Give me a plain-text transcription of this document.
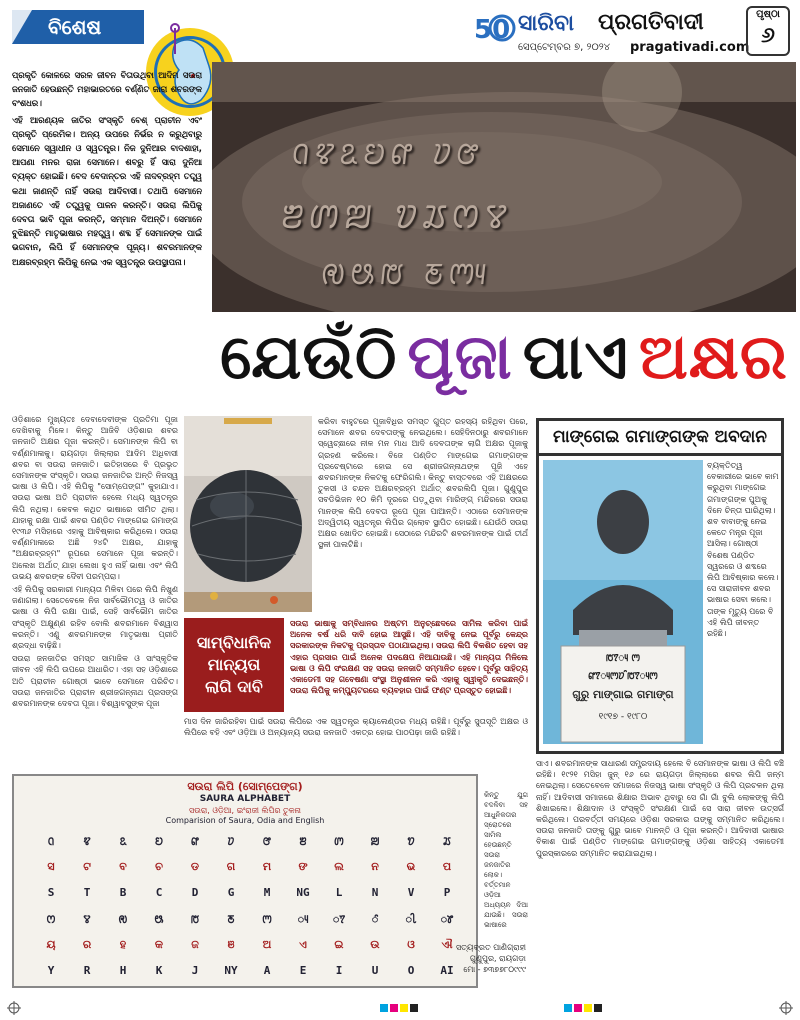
ବିଶେଷ	50 ସାରିବା ପ୍ରଗତିବାଦୀ
ସେପ୍ଟେମ୍ବର ୭, ୨୦୨୪ pragativadi.com
ପୃଷ୍ଠା
୬

ପ୍ରକୃତି କୋଳରେ ସରଳ ଜୀବନ ବିତାଉଥିବା ଆଦିମ ସଉରା ଜନଜାତି ହେଉଛନ୍ତି ମହାଭାରତରେ ବର୍ଣ୍ଣିତ ଜାରା ଶବରଙ୍କ ବଂଶଧର।

ଏହି ଆରଣ୍ୟକ ଜାତିର ସଂସ୍କୃତି ବେଶ୍ ପ୍ରାଚୀନ ଏବଂ ପ୍ରକୃତି ପ୍ରେମିକ। ଅନ୍ୟ ଉପରେ ନିର୍ଭର ନ କରୁଥିବାରୁ ସେମାନେ ସ୍ୱାଧୀନ ଓ ସ୍ୱତନ୍ତ୍ର। ନିଜ ଦୁନିଆର ବାଦଶାହା, ଆପଣା ମନର ରାଜା ସେମାନେ। ଶବରୁ ହିଁ ସାରା ଦୁନିଆ ବ୍ୟକ୍ତ ହୋଇଛି। ବେଦ ବେଦାନ୍ତର ଏହି ନାଦବ୍ରହ୍ମ ତତ୍ତ୍ୱ କଥା ଜାଣନ୍ତି ନାହିଁ ସଉରା ଆଦିବାସୀ। ତଥାପି ସେମାନେ ଅଜାଣତେ ଏହି ତତ୍ତ୍ୱକୁ ପାଳନ କରନ୍ତି। ସଉରା ଲିପିକୁ ଦେବତା ଭାବି ପୂଜା କରନ୍ତି, ସମ୍ମାନ ଦିଅନ୍ତି। ସେମାନେ ବୁଝିଛନ୍ତି ମାତୃଭାଷାର ମହତ୍ତ୍ୱ। ଶବ୍ଦ ହିଁ ସେମାନଙ୍କ ପାଇଁ ଭଗବାନ, ଲିପି ହିଁ ସେମାନଙ୍କ ପୂଜ୍ୟ। ଶବରମାନଙ୍କ ଅକ୍ଷରବ୍ରହ୍ମ ଲିପିକୁ ନେଇ ଏକ ସ୍ୱତନ୍ତ୍ର ଉପସ୍ଥାପନା।

ꢡꢢꢣꢤꢥ ꢦꢧ
ꢨꢩꢪ ꢫꢬꢭꢮ
ꢯꢰꢱ ꢲꢳꢴ
ଯେଉଁଠି ପୂଜା ପାଏ ଅକ୍ଷର

ଓଡ଼ିଶାରେ ମୁଖ୍ୟତଃ ଦେବାଦେବୀଙ୍କ ପ୍ରତିମା ପୂଜା ଦେଖିବାକୁ ମିଳେ। କିନ୍ତୁ ଆଜିବି ଓଡ଼ିଶାର ଶବର ଜନଜାତି ଅକ୍ଷର ପୂଜା କରନ୍ତି। ସେମାନଙ୍କ ଲିପି ବା ବର୍ଣ୍ଣମାଳାକୁ। ରାୟଗଡ଼ା ଜିଲ୍ଲାର ଆଦିମ ଅଧିବାସୀ ଶବର ବା ସଉରା ଜନଜାତି। ଇତିହାସରେ ବି ପ୍ରଭୃତ ସେମାନଙ୍କ ସଂସ୍କୃତି। ସଉରା ଜନଜାତିର ଅନ୍ତି ନିଜସ୍ୱ ଭାଷା ଓ ଲିପି। ଏହି ଲିପିକୁ "ସୋମ୍ପେଙ୍ଗ" କୁହାଯାଏ। ସଉରା ଭାଷା ଅତି ପ୍ରାଚୀନ ହେଲେ ମଧ୍ୟ ସ୍ୱତନ୍ତ୍ର ଲିପି ନଥିଲା। କେବଳ କଥିତ ଭାଷାରେ ସୀମିତ ଥିଲା। ଯାହାକୁ ରକ୍ଷା ପାଇଁ ଶବର ପଣ୍ଡିତ ମାଙ୍ଗେଇ ଗମାଙ୍ଗ ୧୯୩୬ ମସିହାରେ ଏହାକୁ ଆବିଷ୍କାର କରିଥିଲେ। ସଉରା ବର୍ଣ୍ଣମାଳାରେ ଅଛି ୨୪ଟି ଅକ୍ଷର, ଯାହାକୁ "ଅକ୍ଷରବ୍ରହ୍ମ" ରୂପରେ ସେମାନେ ପୂଜା କରନ୍ତି। ଅଲେଖ ଅର୍ଥାତ୍ ଯାହା ଲେଖା ହୁଏ ନାହିଁ ଭାଷା ଏବଂ ଲିପି ଉଭୟ ଶବରଙ୍କ ଦୈବୀ ପରମ୍ପରା।

ଏହି ଲିପିକୁ ସରକାରୀ ମାନ୍ୟତା ମିଳିବା ପରେ ଲିପି ନିଖୁଣ ଜଣାଗଲା। ସେତେବେଳେ ନିଜ ସାର୍ବଭୌମତ୍ୱ ଓ ଜାତିର ଭାଷା ଓ ଲିପି ରକ୍ଷା ପାଇଁ, ସେହି ସାର୍ବଭୌମ ଜାତିର ସଂସ୍କୃତି ଅକ୍ଷୁଣ୍ଣ ରହିବ ବୋଲି ଶବରମାନେ ବିଶ୍ୱାସ କରନ୍ତି। ଏଣୁ ଶବରମାନଙ୍କ ମାତୃଭାଷା ପ୍ରୀତି ଶ୍ରଦ୍ଧା ବାଢ଼ିଛି।

ସଉରା ଜନଜାତିର ସମସ୍ତ ସାମାଜିକ ଓ ସାଂସ୍କୃତିକ ଜୀବନ ଏହି ଲିପି ଉପରେ ଆଧାରିତ। ଏହା ସହ ଓଡ଼ିଶାରେ ଅତି ପ୍ରାଚୀନ ଗୋଷ୍ଠୀ ଭାବେ ସେମାନେ ପରିଚିତ। ସଉରା ଜନଜାତିର ପ୍ରାଚୀନ ଶ୍ରୀଜଗନ୍ନାଥ ପ୍ରସଙ୍ଗ ଶବରମାନଙ୍କ ଦେବତା ପୂଜା। ବିଶ୍ୱାବସୁଙ୍କ ପୂଜା

କରିବା ବାହୁଟରେ ପୂଜାବିଧିର ସମସ୍ତ ଗୁପ୍ତ ରହସ୍ୟ ରହିଥିବା ପରେ, ସେମାନେ ଶବର ଦେବତାଙ୍କୁ ନେଇଥିଲେ। ସେହିଦିନଠାରୁ ଶବରମାନେ ସ୍ୱେଚ୍ଛାରେ ନୀଳ ମନ ମାଧ ଆଦି ଦେବତାଙ୍କ ଲାଗି ଅକ୍ଷର ପୂଜାକୁ ଗ୍ରହଣ କରିଲେ। ବିଜେ ପଣ୍ଡିତ ମାଙ୍ଗେଇ ଗମାଙ୍ଗଙ୍କ ପ୍ରଚେଷ୍ଟାରେ ହୋଇ ସେ ଶ୍ରୀଜଗନ୍ନାଥଙ୍କ ପୂଜି ଏହେ ଶବରମାନଙ୍କ ନିକଟକୁ ଫେରିଗଲି। କିନ୍ତୁ ବାସ୍ତବରେ ଏହି ଅକ୍ଷରରେ ତୁଳସୀ ଓ ଚନ୍ଦନ ଅକ୍ଷରବ୍ରହ୍ମ ଅର୍ଥାତ୍ ଶବରଲିପି ପୂଜା। ଗୁଣୁପୁର ସବଡିଭିଜନ ୧୦ କିମି ଦୂରରେ ପଡ଼ୁଥିବା ମାରିଙ୍ଗ୍ ମନ୍ଦିରରେ ସଉରା ମାନଙ୍କ ଲିପି ଦେବତା ରୂପେ ପୂଜା ପାଆନ୍ତି। ଏଠାରେ ସେମାନଙ୍କ ଅଦ୍ୱିତୀୟ ସ୍ୱତନ୍ତ୍ର ଲିପିର ଗ୍ଲୋବ ସ୍ଥାପିତ ହୋଇଛି। ଯେଉଁଠି ସଉରା ଅକ୍ଷର ଖୋଦିତ ହୋଇଛି। ସେଠାରେ ମନ୍ଦିରଟି ଶବରମାନଙ୍କ ପାଇଁ ତୀର୍ଥ ସ୍ଥଳୀ ପାଲଟିଛି।

ସାମ୍ବିଧାନିକ
ମାନ୍ୟତା
ଲାଗି ଦାବି
ସଉରା ଭାଷାକୁ ସମ୍ବିଧାନର ଅଷ୍ଟମ ଅନୁଚ୍ଛେଦରେ ସାମିଲ କରିବା ପାଇଁ ଅନେକ ବର୍ଷ ଧରି ଦାବି ହୋଇ ଆସୁଛି। ଏହି ଦାବିକୁ ନେଇ ପୂର୍ବରୁ କେନ୍ଦ୍ର ସରକାରଙ୍କ ନିକଟକୁ ପ୍ରସ୍ତାବ ପଠାଯାଇଥିଲା। ସଉରା ଲିପି ବିକଶିତ ହେବା ସହ ଏହାର ପ୍ରସାର ପାଇଁ ଅନେକ ପଦକ୍ଷେପ ନିଆଯାଉଛି। ଏହି ମାନ୍ୟତା ମିଳିଲେ ଭାଷା ଓ ଲିପି ସଂରକ୍ଷଣ ସହ ସଉରା ଜନଜାତି ସମ୍ମାନିତ ହେବେ। ପୂର୍ବରୁ ସାହିତ୍ୟ ଏକାଡେମୀ ସହ ଗବେଷଣା ସଂସ୍ଥା ଅନୁଶୀଳନ କରି ଏହାକୁ ସ୍ୱୀକୃତି ଦେଇଛନ୍ତି। ସଉରା ଲିପିକୁ କମ୍ପ୍ୟୁଟରରେ ବ୍ୟବହାର ପାଇଁ ଫଣ୍ଟ ପ୍ରସ୍ତୁତ ହୋଇଛି।

ମାସ ଦିନ ଜାରିରହିବା ପାଇଁ ସଉରା ଲିପିରେ ଏକ ସ୍ୱତନ୍ତ୍ର କ୍ୟାଲେଣ୍ଡର ମଧ୍ୟ ରହିଛି। ପୂର୍ବରୁ ସୁତାସୂତି ଅକ୍ଷର ଓ ଲିପିରେ ବହି ଏବଂ ଓଡ଼ିଆ ଓ ଅନ୍ୟାନ୍ୟ ସଉରା ଜନଜାତି ଏକତ୍ର ହୋଇ ପାଠପଢ଼ା ଜାରି ରହିଛି।

ମାଙ୍ଗେଇ ଗମାଙ୍ଗଙ୍କ ଅବଦାନ
ꢱꢵꢴ ꢳ
ꢥꢵꢴꢳꢦ ꢶꢱꢵꢴꢳ
ଗୁରୁ ମାଙ୍ଗାଇ ଗମାଙ୍ଗ
୧୯୧୭ - ୧୯୮୦
ବ୍ୟକ୍ତିତ୍ୱ ବେକାରୀରେ ଭାବେ କାମ କରୁଥିବା ମାଙ୍ଗେଇ ଗମାଙ୍ଗଙ୍କ ପୁଅକୁ ଦିନେ ଚିନ୍ତା ଘାରିଥିଲା। ଶବ ବାବାଙ୍କୁ ନେଇ କେତେ ମନ୍ତ୍ର ପୂଜା ଆସିଲା। ଗୋଷ୍ଠୀ ବିଶେଷ ପଣ୍ଡିତ ସ୍ୱରରେ ଓ ଶବ୍ଦରେ ଲିପି ଆବିଷ୍କାର କଲେ। ସେ ସାରାଜୀବନ ଶବର ଭାଷାର ସେବା କଲେ। ତାଙ୍କ ମୃତ୍ୟୁ ପରେ ବି ଏହି ଲିପି ଜୀବନ୍ତ ରହିଛି।
ସାଏ। ଶବରମାନଙ୍କ ସାଧାରଣ ସମ୍ପ୍ରଦାୟ ହେଲେ ବି ସେମାନଙ୍କ ଭାଷା ଓ ଲିପି ବଞ୍ଚି ରହିଛି। ୧୯୨୧ ମସିହା ଜୁନ୍ ୧୬ ରେ ରାୟଗଡ଼ା ଜିଲ୍ଲାରେ ଶବର ଲିପି ଜନ୍ମ ନେଇଥିଲା। ସେତେବେଳେ ସମାଜରେ ନିଜସ୍ୱ ଭାଷା ସଂସ୍କୃତି ଓ ଲିପି ପ୍ରଚଳନ ଥିଲା ନାହିଁ। ଆଦିବାସୀ ସମାଜରେ ଶିକ୍ଷାର ଅଭାବ ଥିବାରୁ ସେ ଗାଁ ଗାଁ ବୁଲି ଲୋକଙ୍କୁ ଲିପି ଶିଖାଇଲେ। ଶିକ୍ଷାଦାନ ଓ ସଂସ୍କୃତି ସଂରକ୍ଷଣ ପାଇଁ ସେ ସାରା ଜୀବନ ଉତ୍ସର୍ଗ କରିଥିଲେ। ପରବର୍ତ୍ତୀ ସମୟରେ ଓଡ଼ିଶା ସରକାର ତାଙ୍କୁ ସମ୍ମାନିତ କରିଥିଲେ। ସଉରା ଜନଜାତି ତାଙ୍କୁ ଗୁରୁ ଭାବେ ମାନନ୍ତି ଓ ପୂଜା କରନ୍ତି। ଆଦିବାସୀ ଭାଷାର ବିକାଶ ପାଇଁ ପଣ୍ଡିତ ମାଙ୍ଗେଇ ଗମାଙ୍ଗଙ୍କୁ ଓଡ଼ିଶା ସାହିତ୍ୟ ଏକାଡେମୀ ପୁରସ୍କାରରେ ସମ୍ମାନିତ କରାଯାଇଥିଲା।
ସଉରା ଲିପି (ସୋମ୍ପେଙ୍ଗ)
SAURA ALPHABET
ସଉରା, ଓଡ଼ିଆ, ଇଂରାଜୀ ଲିପିର ତୁଳନା
Comparision of Saura, Odia and English
ꢡ	ꢢ	ꢣ	ꢤ	ꢥ	ꢦ	ꢧ	ꢨ	ꢩ	ꢪ	ꢫ	ꢬ
ସ	ଟ	ବ	ଚ	ଡ	ଗ	ମ	ଙ	ଲ	ନ	ଭ	ପ
S	T	B	C	D	G	M	NG	L	N	V	P
ꢭ	ꢮ	ꢯ	ꢰ	ꢱ	ꢲ	ꢳ	ꢴ	ꢵ	ꢶ	ꢷ	ꢸ
ୟ	ର	ହ	କ	ଜ	ଞ	ଅ	ଏ	ଇ	ଉ	ଓ	ଐ
Y	R	H	K	J	NY	A	E	I	U	O	AI
ସତ୍ୟବ୍ରତ ପାଣିଗ୍ରାହୀ
ଗୁଣୁପୁର, ରାୟଗଡ଼ା
ମୋ - ୭୩୭୭୮୦୯୯୯
କିନ୍ତୁ ଯୁଗ ବଦଳିବା ସହ ଆଧୁନିକତାର ସ୍ରୋତରେ ସାମିଲ ହେଉଛନ୍ତି ସଉରା ଜନଜାତିର ଲୋକ। ବର୍ତ୍ତମାନ ଓଡ଼ିଆ ଅଧ୍ୟୟନ ଦିଆ ଯାଉଛି। ସଉରା ଭାଷାରେ
